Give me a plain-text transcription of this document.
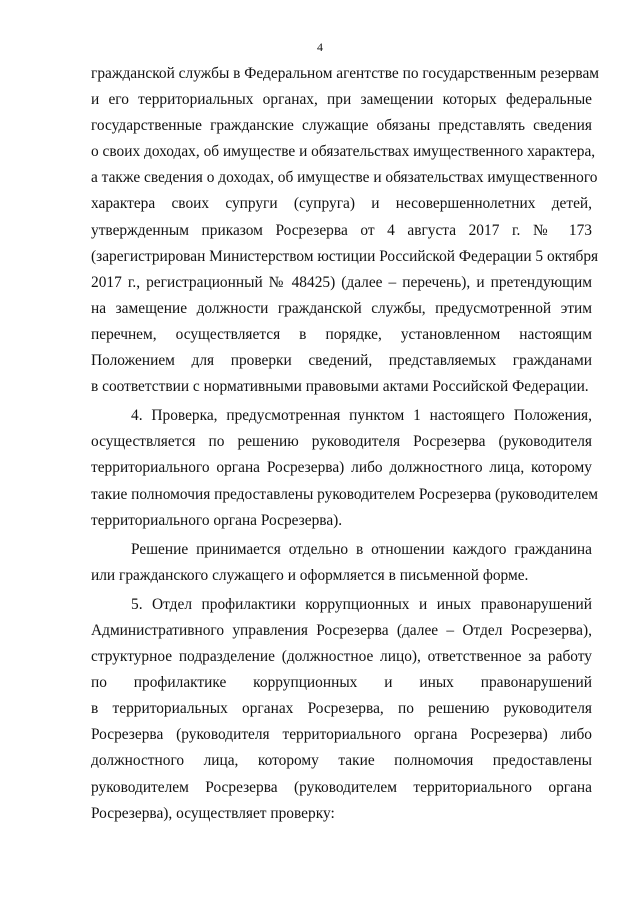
4
гражданской службы в Федеральном агентстве по государственным резервам
и его территориальных органах, при замещении которых федеральные
государственные гражданские служащие обязаны представлять сведения
о своих доходах, об имуществе и обязательствах имущественного характера,
а также сведения о доходах, об имуществе и обязательствах имущественного
характера своих супруги (супруга) и несовершеннолетних детей,
утвержденным приказом Росрезерва от 4 августа 2017 г. № 173
(зарегистрирован Министерством юстиции Российской Федерации 5 октября
2017 г., регистрационный № 48425) (далее – перечень), и претендующим
на замещение должности гражданской службы, предусмотренной этим
перечнем, осуществляется в порядке, установленном настоящим
Положением для проверки сведений, представляемых гражданами
в соответствии с нормативными правовыми актами Российской Федерации.
4. Проверка, предусмотренная пунктом 1 настоящего Положения,
осуществляется по решению руководителя Росрезерва (руководителя
территориального органа Росрезерва) либо должностного лица, которому
такие полномочия предоставлены руководителем Росрезерва (руководителем
территориального органа Росрезерва).
Решение принимается отдельно в отношении каждого гражданина
или гражданского служащего и оформляется в письменной форме.
5. Отдел профилактики коррупционных и иных правонарушений
Административного управления Росрезерва (далее – Отдел Росрезерва),
структурное подразделение (должностное лицо), ответственное за работу
по профилактике коррупционных и иных правонарушений
в территориальных органах Росрезерва, по решению руководителя
Росрезерва (руководителя территориального органа Росрезерва) либо
должностного лица, которому такие полномочия предоставлены
руководителем Росрезерва (руководителем территориального органа
Росрезерва), осуществляет проверку:
